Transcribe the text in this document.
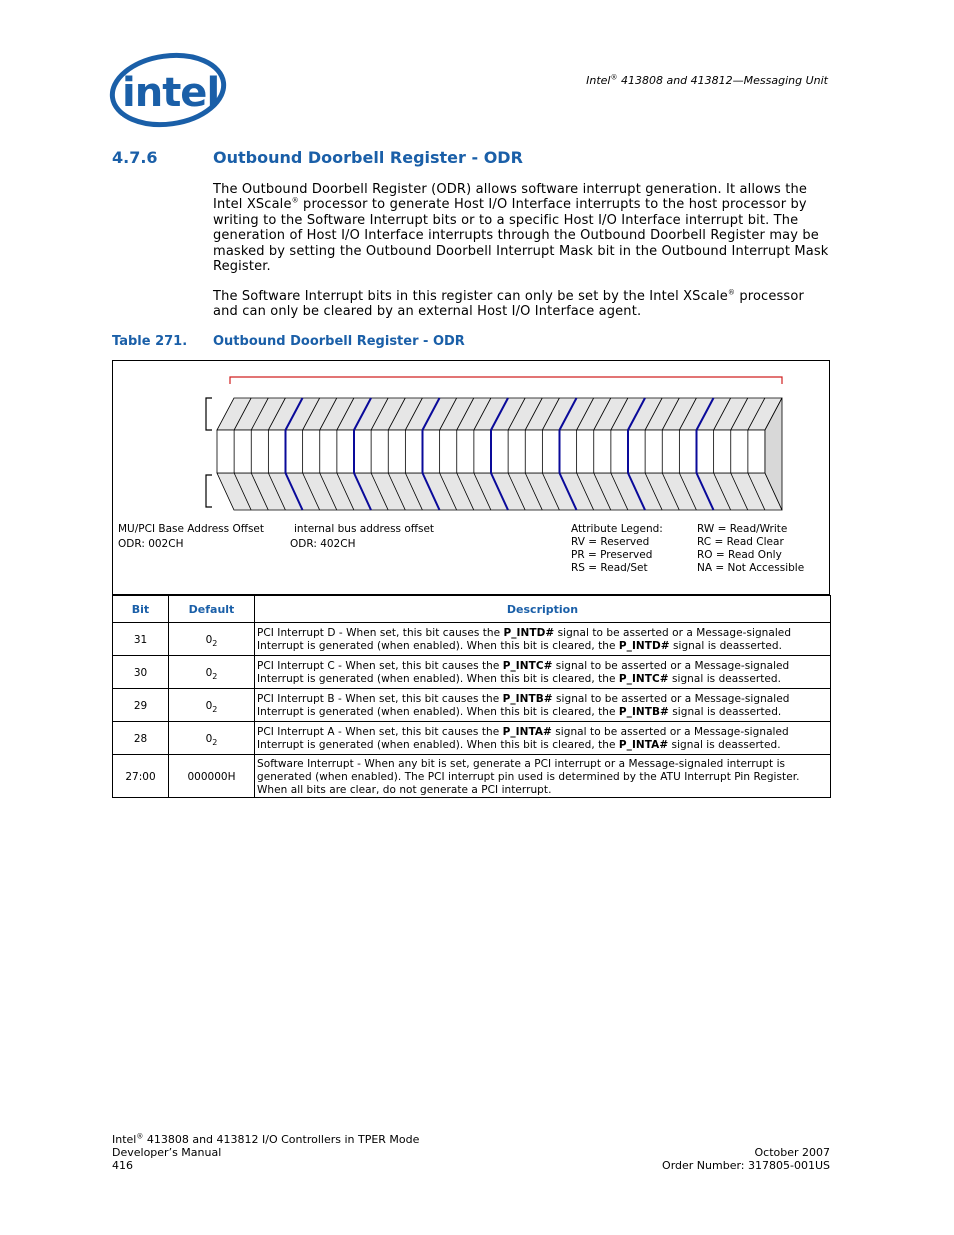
intel	Intel® 413808 and 413812—Messaging Unit
4.7.6	Outbound Doorbell Register - ODR
The Outbound Doorbell Register (ODR) allows software interrupt generation. It allows the Intel XScale® processor to generate Host I/O Interface interrupts to the host processor by writing to the Software Interrupt bits or to a specific Host I/O Interface interrupt bit. The generation of Host I/O Interface interrupts through the Outbound Doorbell Register may be masked by setting the Outbound Doorbell Interrupt Mask bit in the Outbound Interrupt Mask Register.
The Software Interrupt bits in this register can only be set by the Intel XScale® processor and can only be cleared by an external Host I/O Interface agent.
Table 271. Outbound Doorbell Register - ODR
MU/PCI Base Address Offset
ODR: 002CH
internal bus address offset
ODR: 402CH
Attribute Legend:
RV = Reserved
PR = Preserved
RS = Read/Set
RW = Read/Write
RC = Read Clear
RO = Read Only
NA = Not Accessible
Bit	Default	Description
31	$0_2$	PCI Interrupt D - When set, this bit causes the P_INTD# signal to be asserted or a Message-signaled Interrupt is generated (when enabled). When this bit is cleared, the P_INTD# signal is deasserted.
30	$0_2$	PCI Interrupt C - When set, this bit causes the P_INTC# signal to be asserted or a Message-signaled Interrupt is generated (when enabled). When this bit is cleared, the P_INTC# signal is deasserted.
29	$0_2$	PCI Interrupt B - When set, this bit causes the P_INTB# signal to be asserted or a Message-signaled Interrupt is generated (when enabled). When this bit is cleared, the P_INTB# signal is deasserted.
28	$0_2$	PCI Interrupt A - When set, this bit causes the P_INTA# signal to be asserted or a Message-signaled Interrupt is generated (when enabled). When this bit is cleared, the P_INTA# signal is deasserted.
27:00	000000H	Software Interrupt - When any bit is set, generate a PCI interrupt or a Message-signaled interrupt is generated (when enabled). The PCI interrupt pin used is determined by the ATU Interrupt Pin Register. When all bits are clear, do not generate a PCI interrupt.
Intel® 413808 and 413812 I/O Controllers in TPER Mode
Developer’s Manual
416
October 2007
Order Number: 317805-001US
